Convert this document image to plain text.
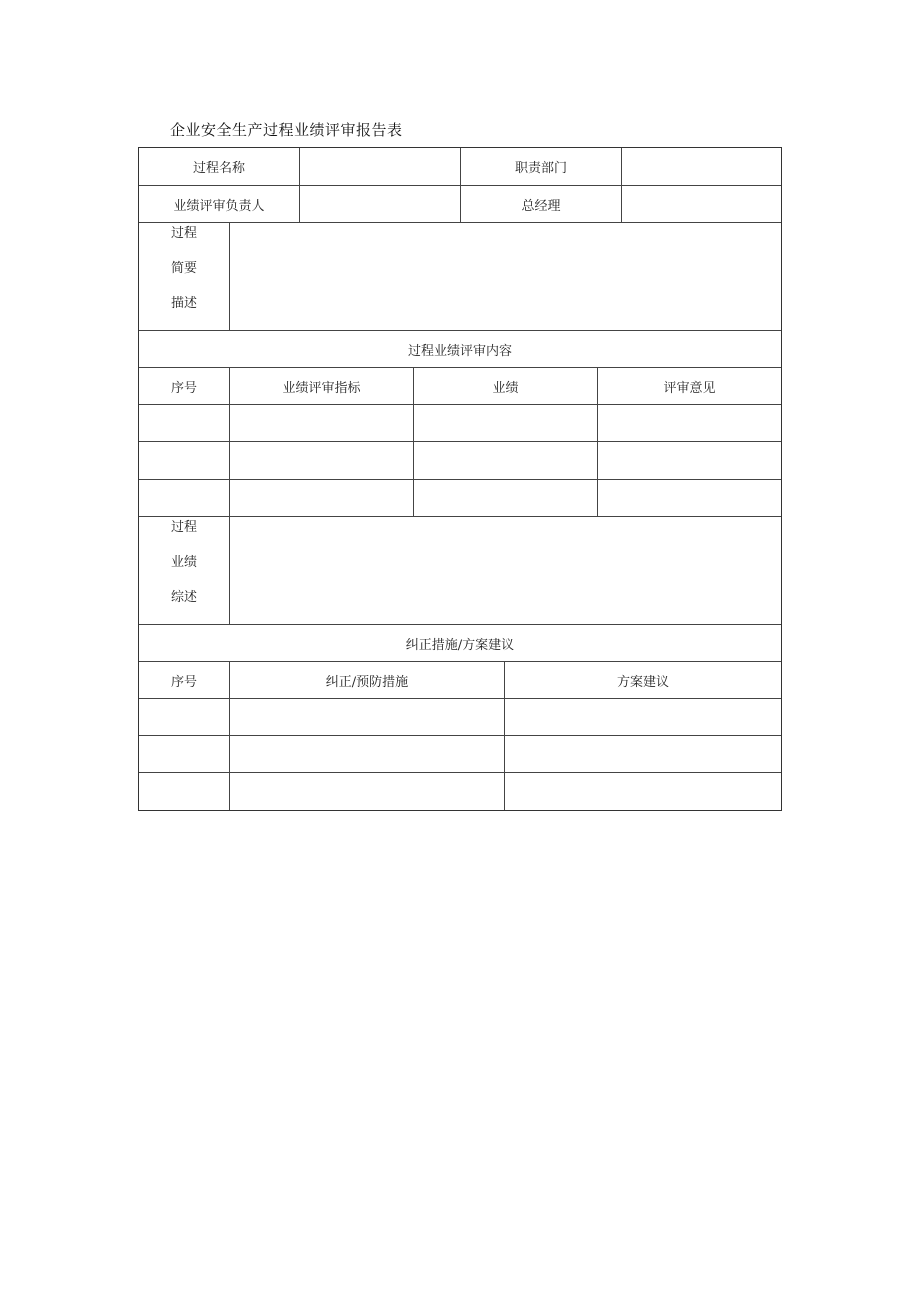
企业安全生产过程业绩评审报告表
过程名称	职责部门
业绩评审负责人	总经理
过程
简要
描述
过程业绩评审内容
序号	业绩评审指标	业绩	评审意见
过程
业绩
综述
纠正措施/方案建议
序号	纠正/预防措施	方案建议
